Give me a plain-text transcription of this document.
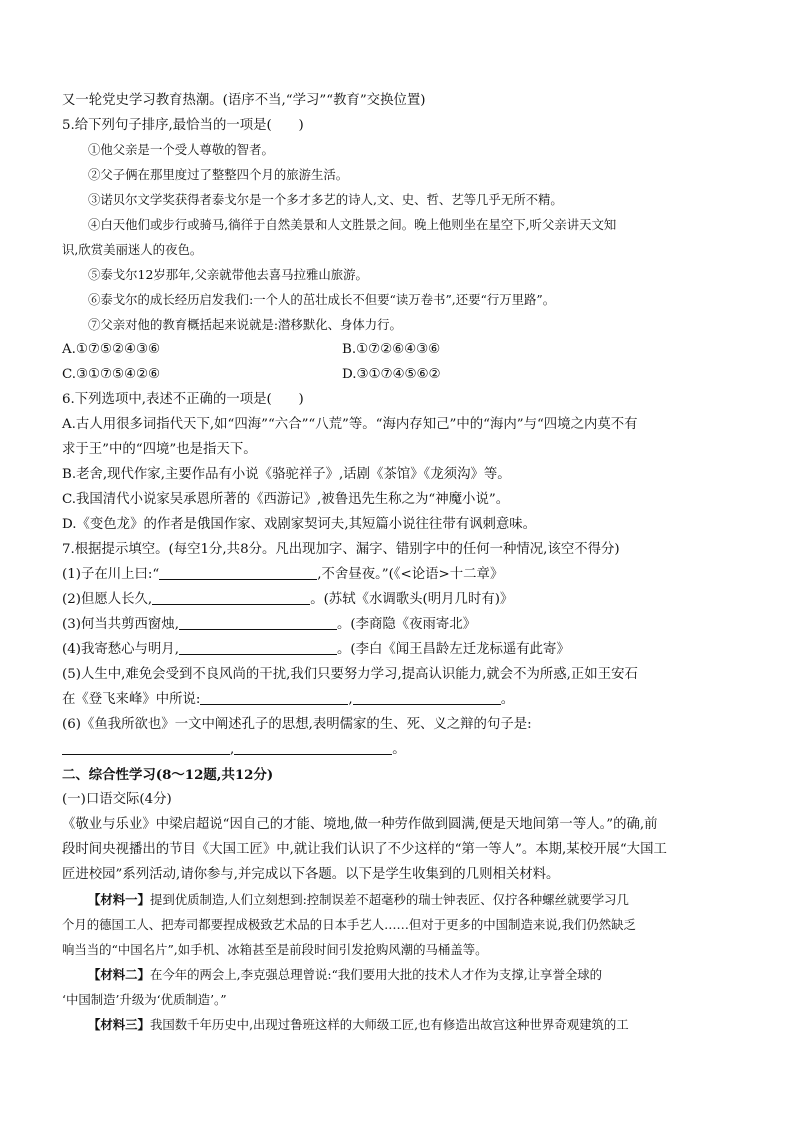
又一轮党史学习教育热潮。(语序不当,“学习”“教育”交换位置)
5.给下列句子排序,最恰当的一项是(　　)
①他父亲是一个受人尊敬的智者。
②父子俩在那里度过了整整四个月的旅游生活。
③诺贝尔文学奖获得者泰戈尔是一个多才多艺的诗人,文、史、哲、艺等几乎无所不精。
④白天他们或步行或骑马,徜徉于自然美景和人文胜景之间。晚上他则坐在星空下,听父亲讲天文知
识,欣赏美丽迷人的夜色。
⑤泰戈尔12岁那年,父亲就带他去喜马拉雅山旅游。
⑥泰戈尔的成长经历启发我们:一个人的茁壮成长不但要“读万卷书”,还要“行万里路”。
⑦父亲对他的教育概括起来说就是:潜移默化、身体力行。
A.①⑦⑤②④③⑥	B.①⑦②⑥④③⑥
C.③①⑦⑤④②⑥	D.③①⑦④⑤⑥②
6.下列选项中,表述不正确的一项是(　　)
A.古人用很多词指代天下,如“四海”“六合”“八荒”等。“海内存知己”中的“海内”与“四境之内莫不有
求于王”中的“四境”也是指天下。
B.老舍,现代作家,主要作品有小说《骆驼祥子》,话剧《茶馆》《龙须沟》等。
C.我国清代小说家吴承恩所著的《西游记》,被鲁迅先生称之为“神魔小说”。
D.《变色龙》的作者是俄国作家、戏剧家契诃夫,其短篇小说往往带有讽刺意味。
7.根据提示填空。(每空1分,共8分。凡出现加字、漏字、错别字中的任何一种情况,该空不得分)
(1)子在川上曰:“	,不舍昼夜。”(《<论语>十二章》
(2)但愿人长久,	。(苏轼《水调歌头(明月几时有)》
(3)何当共剪西窗烛,	。(李商隐《夜雨寄北》
(4)我寄愁心与明月,	。(李白《闻王昌龄左迁龙标遥有此寄》
(5)人生中,难免会受到不良风尚的干扰,我们只要努力学习,提高认识能力,就会不为所惑,正如王安石
在《登飞来峰》中所说:	,	。
(6)《鱼我所欲也》一文中阐述孔子的思想,表明儒家的生、死、义之辩的句子是:
,	。
二、综合性学习(8～12题,共12分)
(一)口语交际(4分)
《敬业与乐业》中梁启超说“因自己的才能、境地,做一种劳作做到圆满,便是天地间第一等人。”的确,前
段时间央视播出的节目《大国工匠》中,就让我们认识了不少这样的“第一等人”。本期,某校开展“大国工
匠进校园”系列活动,请你参与,并完成以下各题。以下是学生收集到的几则相关材料。
【材料一】提到优质制造,人们立刻想到:控制误差不超毫秒的瑞士钟表匠、仅拧各种螺丝就要学习几
个月的德国工人、把寿司都要捏成极致艺术品的日本手艺人……但对于更多的中国制造来说,我们仍然缺乏
响当当的“中国名片”,如手机、冰箱甚至是前段时间引发抢购风潮的马桶盖等。
【材料二】在今年的两会上,李克强总理曾说:“我们要用大批的技术人才作为支撑,让享誉全球的
‘中国制造’升级为‘优质制造’。”
【材料三】我国数千年历史中,出现过鲁班这样的大师级工匠,也有修造出故宫这种世界奇观建筑的工
